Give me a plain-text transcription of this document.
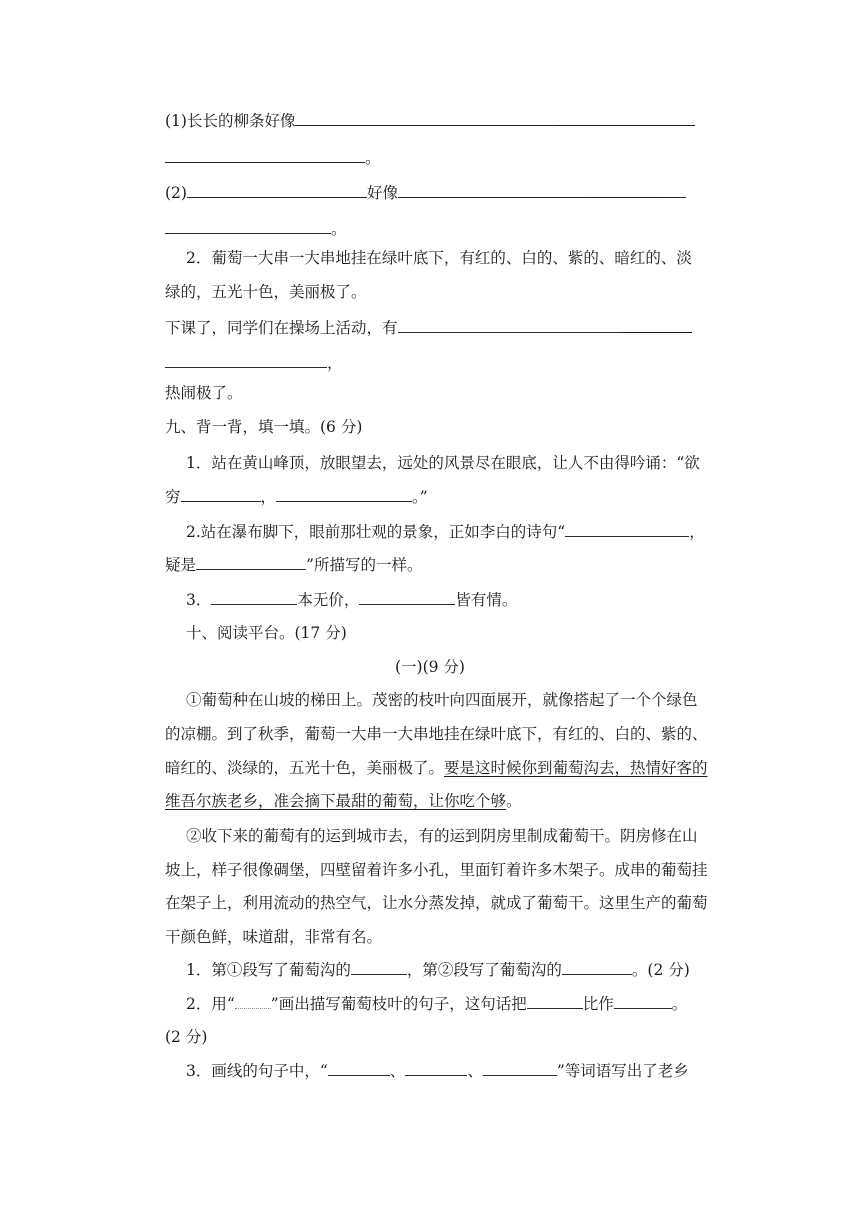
(1)长长的柳条好像
。
(2)	好像
。
2．葡萄一大串一大串地挂在绿叶底下，有红的、白的、紫的、暗红的、淡
绿的，五光十色，美丽极了。
下课了，同学们在操场上活动，有
，
热闹极了。
九、背一背，填一填。(6 分)
1．站在黄山峰顶，放眼望去，远处的风景尽在眼底，让人不由得吟诵：“欲
穷	，	。”
2.站在瀑布脚下，眼前那壮观的景象，正如李白的诗句“	，
疑是	”所描写的一样。
3．	本无价，	皆有情。
十、阅读平台。(17 分)
(一)(9 分)
①葡萄种在山坡的梯田上。茂密的枝叶向四面展开，就像搭起了一个个绿色
的凉棚。到了秋季，葡萄一大串一大串地挂在绿叶底下，有红的、白的、紫的、
暗红的、淡绿的，五光十色，美丽极了。要是这时候你到葡萄沟去，热情好客的
维吾尔族老乡，准会摘下最甜的葡萄，让你吃个够。
②收下来的葡萄有的运到城市去，有的运到阴房里制成葡萄干。阴房修在山
坡上，样子很像碉堡，四壁留着许多小孔，里面钉着许多木架子。成串的葡萄挂
在架子上，利用流动的热空气，让水分蒸发掉，就成了葡萄干。这里生产的葡萄
干颜色鲜，味道甜，非常有名。
1．第①段写了葡萄沟的	，第②段写了葡萄沟的	。(2 分)
2．用“ ”画出描写葡萄枝叶的句子，这句话把	比作	。
(2 分)
3．画线的句子中，“	、	、	”等词语写出了老乡
